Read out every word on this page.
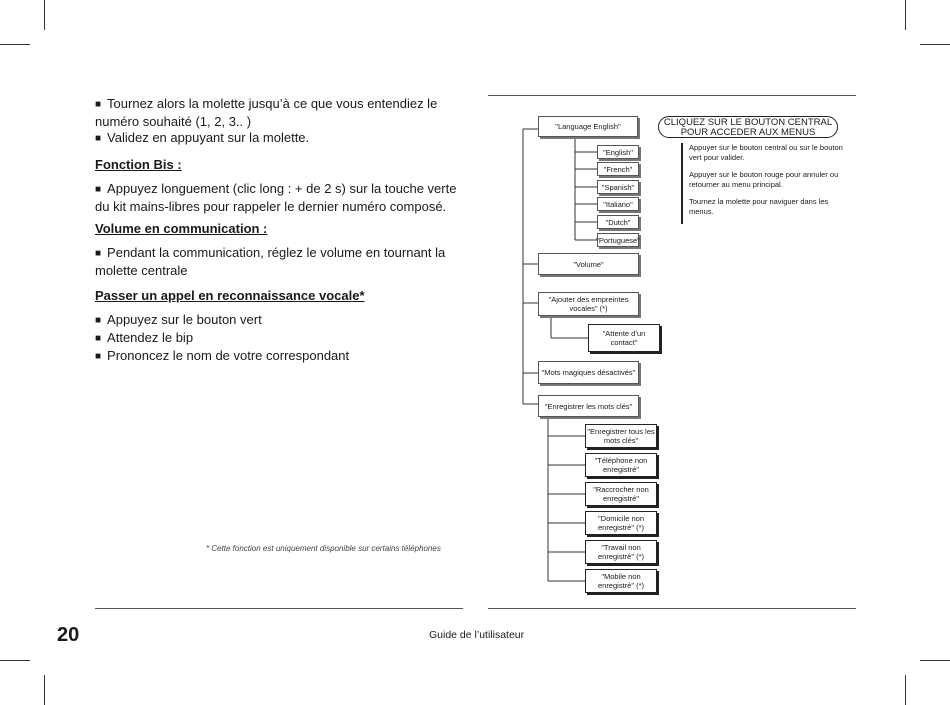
■ Tournez alors la molette jusqu’à ce que vous entendiez le numéro souhaité (1, 2, 3.. )

■ Validez en appuyant sur la molette.

Fonction Bis :

■ Appuyez longuement (clic long : + de 2 s) sur la touche verte du kit mains-libres pour rappeler le dernier numéro composé.

Volume en communication :

■ Pendant la communication, réglez le volume en tournant la molette centrale

Passer un appel en reconnaissance vocale*

■ Appuyez sur le bouton vert

■ Attendez le bip

■ Prononcez le nom de votre correspondant

* Cette fonction est uniquement disponible sur certains téléphones
"Language English"
"English"
"French"
"Spanish"
"Italiano"
"Dutch"
"Portuguese"
"Volume"
"Ajouter des empreintes vocales" (*)
"Attente d’un contact"
"Mots magiques désactivés"
"Enregistrer les mots clés"
"Enregistrer tous les mots clés"
"Téléphone non enregistré"
"Raccrocher non enregistré"
"Domicile non enregistré" (*)
"Travail non enregistré" (*)
"Mobile non enregistré" (*)
CLIQUEZ SUR LE BOUTON CENTRAL POUR ACCEDER AUX MENUS

Appuyer sur le bouton central ou sur le bouton vert pour valider.

Appuyer sur le bouton rouge pour annuler ou retourner au menu principal.

Tournez la molette pour naviguer dans les menus.

20	Guide de l’utilisateur
